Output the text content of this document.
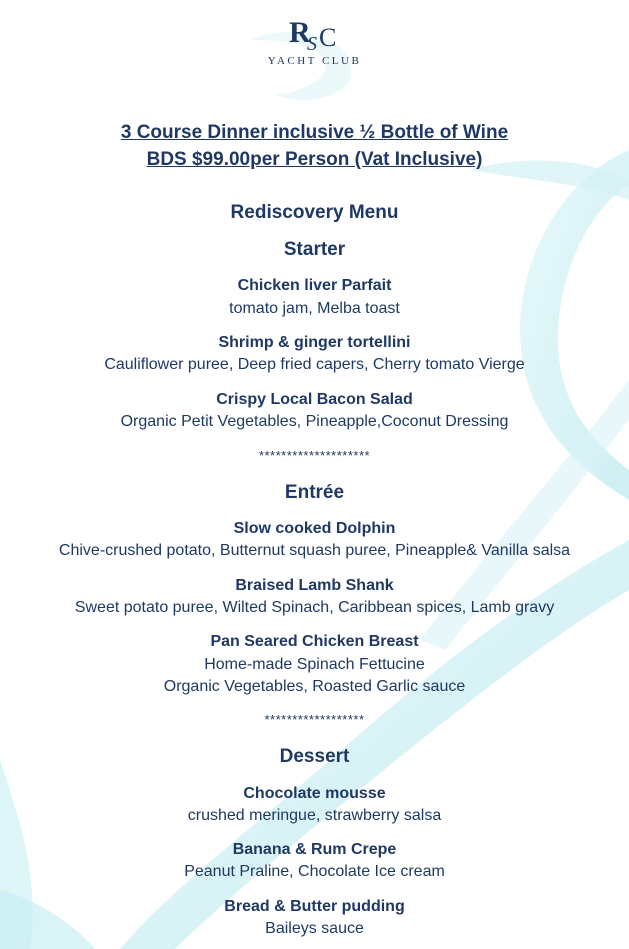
R
S C
YACHT CLUB
3 Course Dinner inclusive ½ Bottle of Wine
BDS $99.00per Person (Vat Inclusive)
Rediscovery Menu
Starter
Chicken liver Parfait
tomato jam, Melba toast
Shrimp & ginger tortellini
Cauliflower puree, Deep fried capers, Cherry tomato Vierge
Crispy Local Bacon Salad
Organic Petit Vegetables, Pineapple,Coconut Dressing
********************
Entrée
Slow cooked Dolphin
Chive-crushed potato, Butternut squash puree, Pineapple& Vanilla salsa
Braised Lamb Shank
Sweet potato puree, Wilted Spinach, Caribbean spices, Lamb gravy
Pan Seared Chicken Breast
Home-made Spinach Fettucine
Organic Vegetables, Roasted Garlic sauce
******************
Dessert
Chocolate mousse
crushed meringue, strawberry salsa
Banana & Rum Crepe
Peanut Praline, Chocolate Ice cream
Bread & Butter pudding
Baileys sauce
